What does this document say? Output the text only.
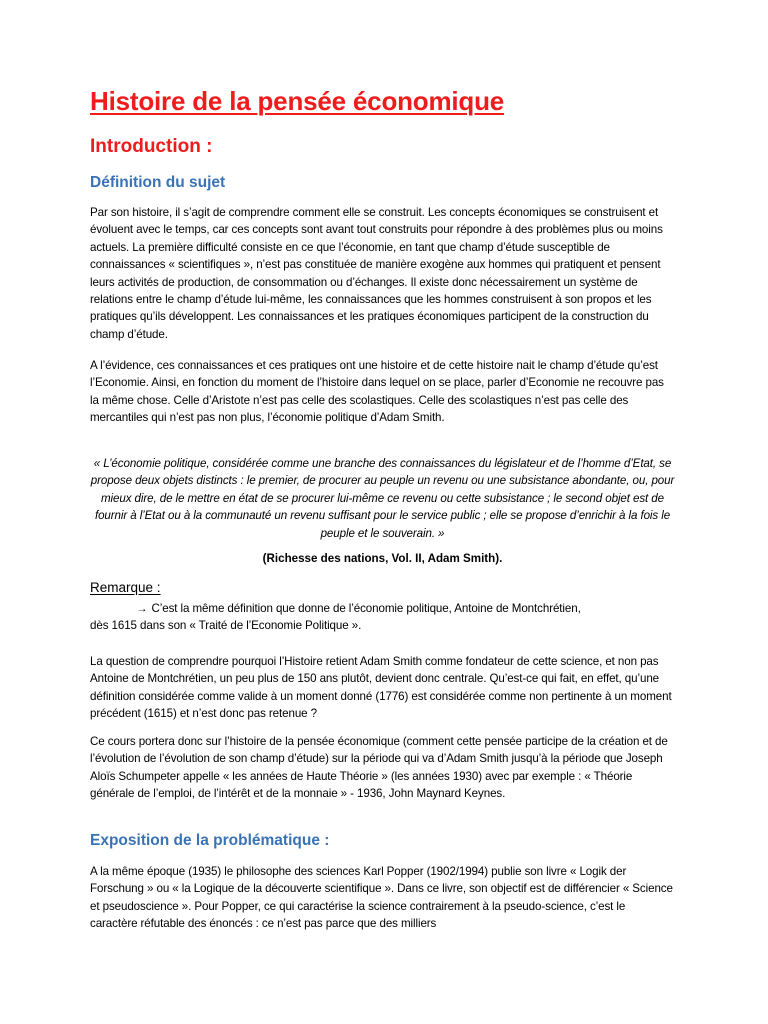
Histoire de la pensée économique
Introduction :
Définition du sujet

Par son histoire, il s’agit de comprendre comment elle se construit. Les concepts économiques se construisent et évoluent avec le temps, car ces concepts sont avant tout construits pour répondre à des problèmes plus ou moins actuels. La première difficulté consiste en ce que l’économie, en tant que champ d’étude susceptible de connaissances « scientifiques », n’est pas constituée de manière exogène aux hommes qui pratiquent et pensent leurs activités de production, de consommation ou d’échanges. Il existe donc nécessairement un système de relations entre le champ d’étude lui-même, les connaissances que les hommes construisent à son propos et les pratiques qu’ils développent. Les connaissances et les pratiques économiques participent de la construction du champ d’étude.

A l’évidence, ces connaissances et ces pratiques ont une histoire et de cette histoire nait le champ d’étude qu’est l’Economie. Ainsi, en fonction du moment de l’histoire dans lequel on se place, parler d’Economie ne recouvre pas la même chose. Celle d’Aristote n’est pas celle des scolastiques. Celle des scolastiques n’est pas celle des mercantiles qui n’est pas non plus, l’économie politique d’Adam Smith.

« L’économie politique, considérée comme une branche des connaissances du législateur et de l’homme d’Etat, se propose deux objets distincts : le premier, de procurer au peuple un revenu ou une subsistance abondante, ou, pour mieux dire, de le mettre en état de se procurer lui-même ce revenu ou cette subsistance ; le second objet est de fournir à l’Etat ou à la communauté un revenu suffisant pour le service public ; elle se propose d’enrichir à la fois le peuple et le souverain. »

(Richesse des nations, Vol. II, Adam Smith).

Remarque :

→ C’est la même définition que donne de l’économie politique, Antoine de Montchrétien,

dès 1615 dans son « Traité de l’Economie Politique ».

La question de comprendre pourquoi l’Histoire retient Adam Smith comme fondateur de cette science, et non pas Antoine de Montchrétien, un peu plus de 150 ans plutôt, devient donc centrale. Qu’est-ce qui fait, en effet, qu’une définition considérée comme valide à un moment donné (1776) est considérée comme non pertinente à un moment précédent (1615) et n’est donc pas retenue ?

Ce cours portera donc sur l’histoire de la pensée économique (comment cette pensée participe de la création et de l’évolution de l’évolution de son champ d’étude) sur la période qui va d’Adam Smith jusqu’à la période que Joseph Aloïs Schumpeter appelle « les années de Haute Théorie » (les années 1930) avec par exemple : « Théorie générale de l’emploi, de l’intérêt et de la monnaie » - 1936, John Maynard Keynes.

Exposition de la problématique :

A la même époque (1935) le philosophe des sciences Karl Popper (1902/1994) publie son livre « Logik der Forschung » ou « la Logique de la découverte scientifique ». Dans ce livre, son objectif est de différencier « Science et pseudoscience ». Pour Popper, ce qui caractérise la science contrairement à la pseudo-science, c’est le caractère réfutable des énoncés : ce n’est pas parce que des milliers
